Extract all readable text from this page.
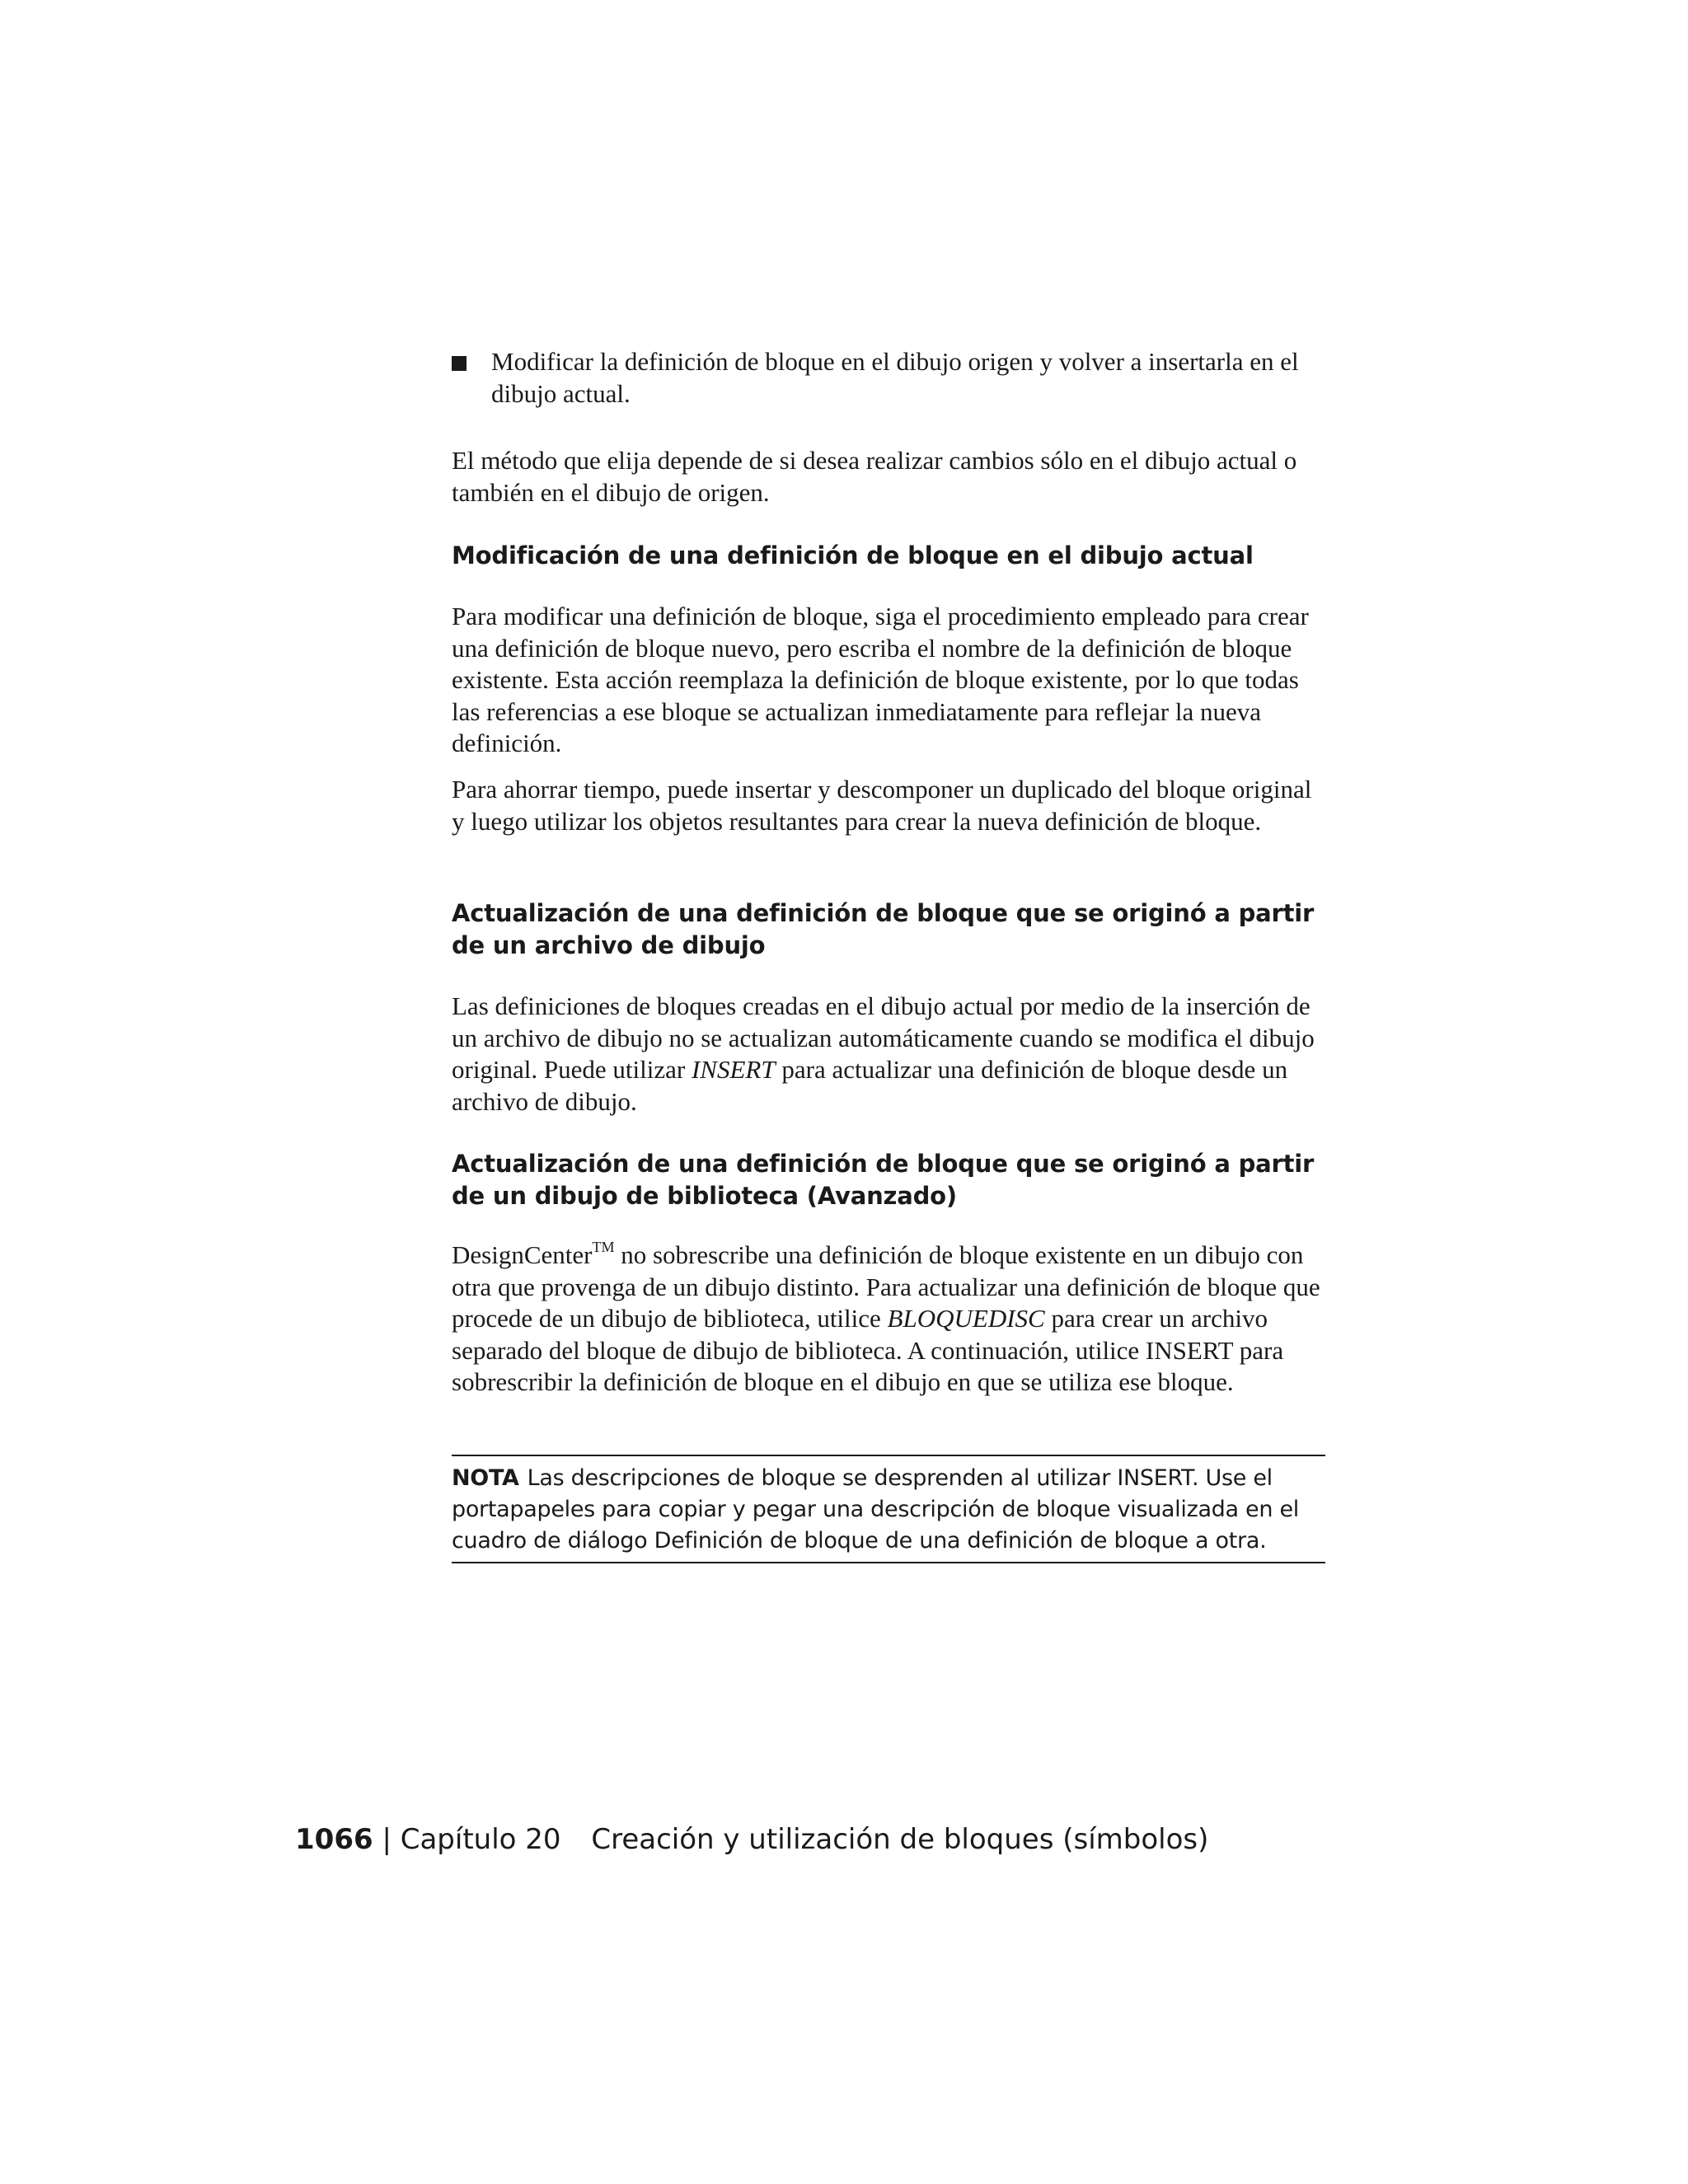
Modificar la definición de bloque en el dibujo origen y volver a insertarla en el dibujo actual.

El método que elija depende de si desea realizar cambios sólo en el dibujo actual o también en el dibujo de origen.

Modificación de una definición de bloque en el dibujo actual

Para modificar una definición de bloque, siga el procedimiento empleado para crear una definición de bloque nuevo, pero escriba el nombre de la definición de bloque existente. Esta acción reemplaza la definición de bloque existente, por lo que todas las referencias a ese bloque se actualizan inmediatamente para reflejar la nueva definición.

Para ahorrar tiempo, puede insertar y descomponer un duplicado del bloque original y luego utilizar los objetos resultantes para crear la nueva definición de bloque.

Actualización de una definición de bloque que se originó a partir de un archivo de dibujo

Las definiciones de bloques creadas en el dibujo actual por medio de la inserción de un archivo de dibujo no se actualizan automáticamente cuando se modifica el dibujo original. Puede utilizar INSERT para actualizar una definición de bloque desde un archivo de dibujo.

Actualización de una definición de bloque que se originó a partir de un dibujo de biblioteca (Avanzado)

DesignCenter™ no sobrescribe una definición de bloque existente en un dibujo con otra que provenga de un dibujo distinto. Para actualizar una definición de bloque que procede de un dibujo de biblioteca, utilice BLOQUEDISC para crear un archivo separado del bloque de dibujo de biblioteca. A continuación, utilice INSERT para sobrescribir la definición de bloque en el dibujo en que se utiliza ese bloque.

NOTA Las descripciones de bloque se desprenden al utilizar INSERT. Use el portapapeles para copiar y pegar una descripción de bloque visualizada en el cuadro de diálogo Definición de bloque de una definición de bloque a otra.

1066 | Capítulo 20 Creación y utilización de bloques (símbolos)
